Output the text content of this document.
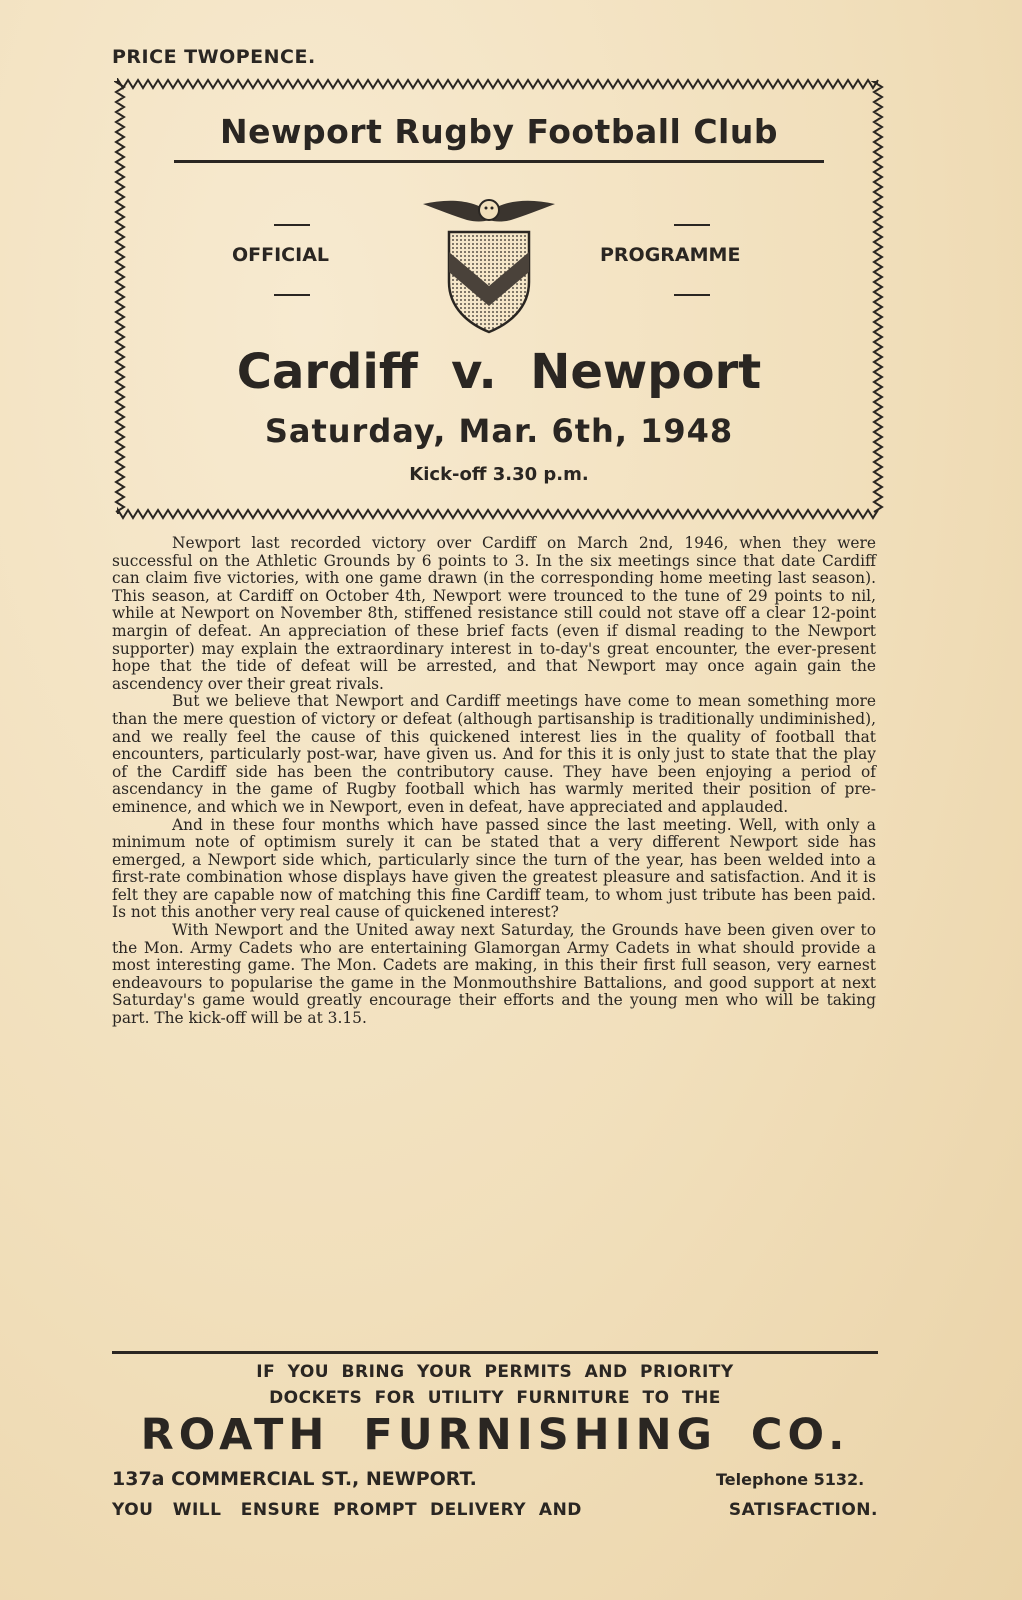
PRICE TWOPENCE.
Newport Rugby Football Club
OFFICIAL	PROGRAMME
Cardiff  v.  Newport
Saturday, Mar. 6th, 1948
Kick-off 3.30 p.m.

Newport last recorded victory over Cardiff on March 2nd, 1946, when they were successful on the Athletic Grounds by 6 points to 3. In the six meetings since that date Cardiff can claim five victories, with one game drawn (in the corresponding home meeting last season). This season, at Cardiff on October 4th, Newport were trounced to the tune of 29 points to nil, while at Newport on November 8th, stiffened resistance still could not stave off a clear 12-point margin of defeat. An appreciation of these brief facts (even if dismal reading to the Newport supporter) may explain the extraordinary interest in to-day's great encounter, the ever-present hope that the tide of defeat will be arrested, and that Newport may once again gain the ascendency over their great rivals.

But we believe that Newport and Cardiff meetings have come to mean something more than the mere question of victory or defeat (although partisanship is traditionally undiminished), and we really feel the cause of this quickened interest lies in the quality of football that encounters, particularly post-war, have given us. And for this it is only just to state that the play of the Cardiff side has been the contributory cause. They have been enjoying a period of ascendancy in the game of Rugby football which has warmly merited their position of pre-eminence, and which we in Newport, even in defeat, have appreciated and applauded.

And in these four months which have passed since the last meeting. Well, with only a minimum note of optimism surely it can be stated that a very different Newport side has emerged, a Newport side which, particularly since the turn of the year, has been welded into a first-rate combination whose displays have given the greatest pleasure and satisfaction. And it is felt they are capable now of matching this fine Cardiff team, to whom just tribute has been paid. Is not this another very real cause of quickened interest?

With Newport and the United away next Saturday, the Grounds have been given over to the Mon. Army Cadets who are entertaining Glamorgan Army Cadets in what should provide a most interesting game. The Mon. Cadets are making, in this their first full season, very earnest endeavours to popularise the game in the Monmouthshire Battalions, and good support at next Saturday's game would greatly encourage their efforts and the young men who will be taking part. The kick-off will be at 3.15.

IF YOU BRING YOUR PERMITS AND PRIORITY
DOCKETS FOR UTILITY FURNITURE TO THE
ROATH FURNISHING CO.
137a COMMERCIAL ST., NEWPORT.	Telephone 5132.
YOU   WILL   ENSURE  PROMPT  DELIVERY  AND	SATISFACTION.
